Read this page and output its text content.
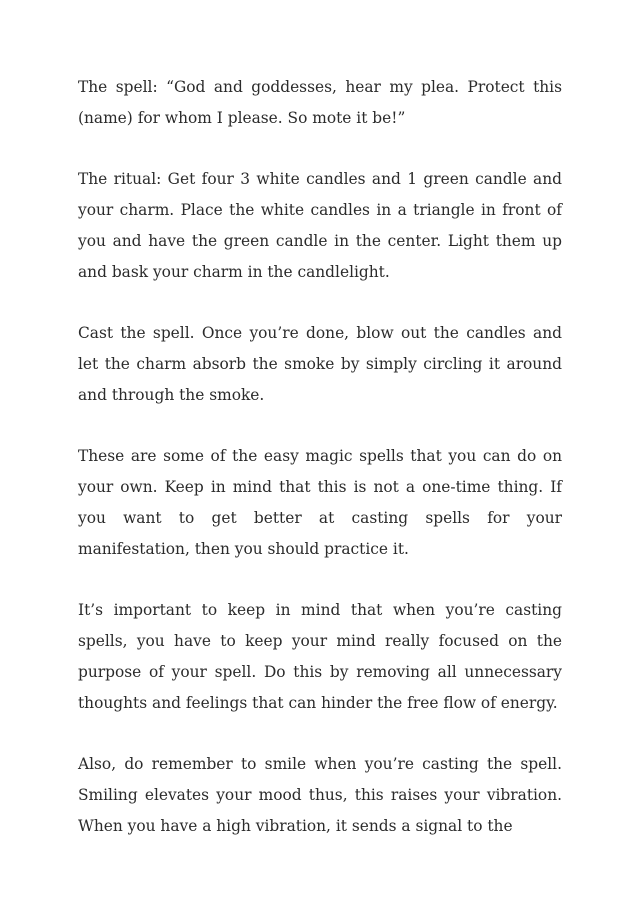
The spell: “God and goddesses, hear my plea. Protect this (name) for whom I please. So mote it be!”

The ritual: Get four 3 white candles and 1 green candle and your charm. Place the white candles in a triangle in front of you and have the green candle in the center. Light them up and bask your charm in the candlelight.

Cast the spell. Once you’re done, blow out the candles and let the charm absorb the smoke by simply circling it around and through the smoke.

These are some of the easy magic spells that you can do on your own. Keep in mind that this is not a one-time thing. If you want to get better at casting spells for your manifestation, then you should practice it.

It’s important to keep in mind that when you’re casting spells, you have to keep your mind really focused on the purpose of your spell. Do this by removing all unnecessary thoughts and feelings that can hinder the free flow of energy.

Also, do remember to smile when you’re casting the spell. Smiling elevates your mood thus, this raises your vibration. When you have a high vibration, it sends a signal to the
